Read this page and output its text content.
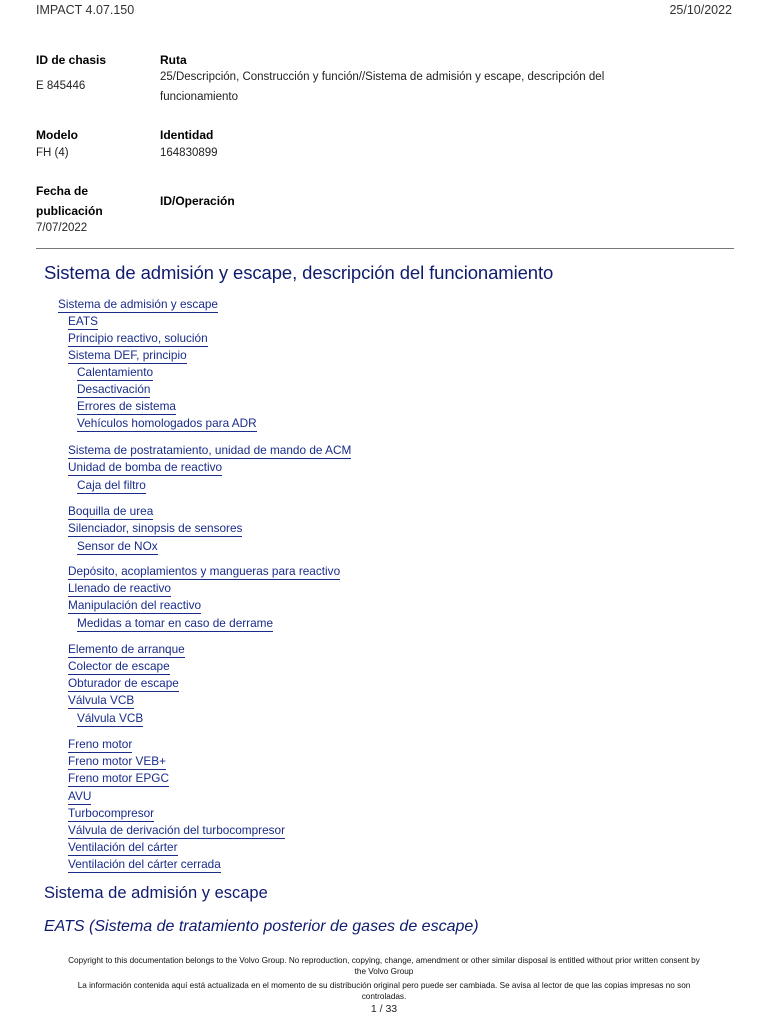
IMPACT 4.07.150	25/10/2022
ID de chasis
E 845446
Ruta
25/Descripción, Construcción y función//Sistema de admisión y escape, descripción del
funcionamiento
Modelo
FH (4)
Identidad
164830899
Fecha de
publicación
7/07/2022
ID/Operación
Sistema de admisión y escape, descripción del funcionamiento
Sistema de admisión y escape
EATS
Principio reactivo, solución
Sistema DEF, principio
Calentamiento
Desactivación
Errores de sistema
Vehículos homologados para ADR
Sistema de postratamiento, unidad de mando de ACM
Unidad de bomba de reactivo
Caja del filtro
Boquilla de urea
Silenciador, sinopsis de sensores
Sensor de NOx
Depósito, acoplamientos y mangueras para reactivo
Llenado de reactivo
Manipulación del reactivo
Medidas a tomar en caso de derrame
Elemento de arranque
Colector de escape
Obturador de escape
Válvula VCB
Válvula VCB
Freno motor
Freno motor VEB+
Freno motor EPGC
AVU
Turbocompresor
Válvula de derivación del turbocompresor
Ventilación del cárter
Ventilación del cárter cerrada
Sistema de admisión y escape
EATS (Sistema de tratamiento posterior de gases de escape)
Copyright to this documentation belongs to the Volvo Group. No reproduction, copying, change, amendment or other similar disposal is entitled without prior written consent by
the Volvo Group
La información contenida aquí está actualizada en el momento de su distribución original pero puede ser cambiada. Se avisa al lector de que las copias impresas no son
controladas.
1 / 33
